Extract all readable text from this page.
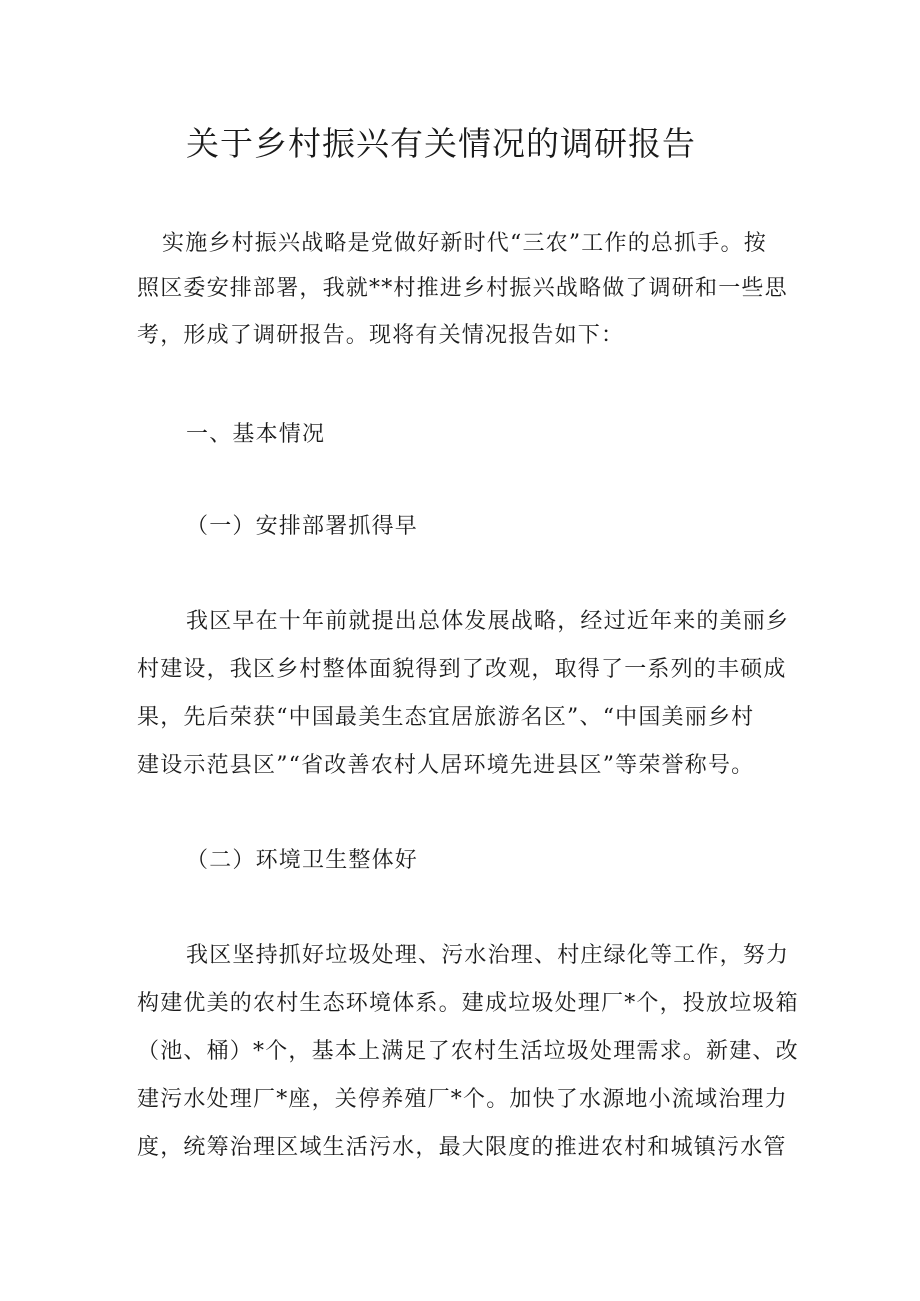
关于乡村振兴有关情况的调研报告

实施乡村振兴战略是党做好新时代“三农”工作的总抓手。按

照区委安排部署，我就**村推进乡村振兴战略做了调研和一些思

考，形成了调研报告。现将有关情况报告如下：

一、基本情况

（一）安排部署抓得早

我区早在十年前就提出总体发展战略，经过近年来的美丽乡

村建设，我区乡村整体面貌得到了改观，取得了一系列的丰硕成

果，先后荣获“中国最美生态宜居旅游名区”、“中国美丽乡村

建设示范县区”“省改善农村人居环境先进县区”等荣誉称号。

（二）环境卫生整体好

我区坚持抓好垃圾处理、污水治理、村庄绿化等工作，努力

构建优美的农村生态环境体系。建成垃圾处理厂*个，投放垃圾箱

（池、桶）*个，基本上满足了农村生活垃圾处理需求。新建、改

建污水处理厂*座，关停养殖厂*个。加快了水源地小流域治理力

度，统筹治理区域生活污水，最大限度的推进农村和城镇污水管
